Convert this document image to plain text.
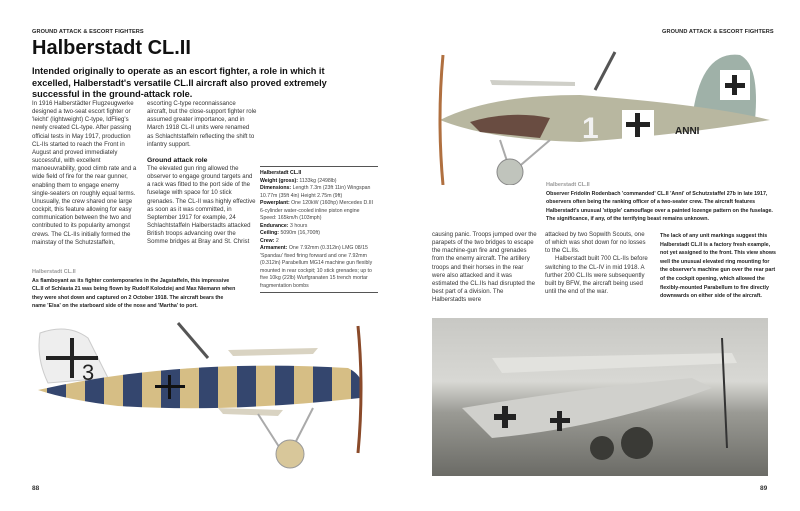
GROUND ATTACK & ESCORT FIGHTERS
Halberstadt CL.II
Intended originally to operate as an escort fighter, a role in which it excelled, Halberstadt's versatile CL.II aircraft also proved extremely successful in the ground-attack role.

In 1916 Halberstädter Flugzeugwerke designed a two-seat escort fighter or 'leicht' (lightweight) C-type, IdFlieg's newly created CL-type. After passing official tests in May 1917, production CL-IIs started to reach the Front in August and proved immediately successful, with excellent manoeuvrability, good climb rate and a wide field of fire for the rear gunner, enabling them to engage enemy single-seaters on roughly equal terms. Unusually, the crew shared one large cockpit, this feature allowing for easy communication between the two and contributed to its popularity amongst crews. The CL-IIs initially formed the mainstay of the Schutzstaffeln,

escorting C-type reconnaissance aircraft, but the close-support fighter role assumed greater importance, and in March 1918 CL-II units were renamed as Schlachtstaffeln reflecting the shift to infantry support.

Ground attack role

The elevated gun ring allowed the observer to engage ground targets and a rack was fitted to the port side of the fuselage with space for 10 stick grenades. The CL-II was highly effective as soon as it was committed, in September 1917 for example, 24 Schlachtstaffeln Halberstadts attacked British troops advancing over the Somme bridges at Bray and St. Christ

Halberstadt CL.II
Weight (gross): 1133kg (2498lb)
Dimensions: Length 7.3m (23ft 11in) Wingspan 10.77m (35ft 4in) Height 2.75m (9ft)
Powerplant: One 120kW (160hp) Mercedes D.III 6-cylinder water-cooled inline piston engine
Speed: 165km/h (103mph)
Endurance: 3 hours
Ceiling: 5090m (16,700ft)
Crew: 2
Armament: One 7.92mm (0.312in) LMG 08/15 'Spandau' fixed firing forward and one 7.92mm (0.312in) Parabellum MG14 machine gun flexibly mounted in rear cockpit; 10 stick grenades; up to five 10kg (22lb) Wurfgranaten 15 trench mortar fragmentation bombs
Halberstadt CL.II
As flamboyant as its fighter contemporaries in the Jagstaffeln, this impressive CL.II of Schlasta 21 was being flown by Rudolf Kolodziej and Max Niemann when they were shot down and captured on 2 October 1918. The aircraft bears the name 'Elsa' on the starboard side of the nose and 'Martha' to port.
3
88
GROUND ATTACK & ESCORT FIGHTERS
1	ANNI
Halberstadt CL.II
Observer Fridolin Rodenbach 'commanded' CL.II 'Anni' of Schutzstaffel 27b in late 1917, observers often being the ranking officer of a two-seater crew. The aircraft features Halberstadt's unusual 'stipple' camouflage over a painted lozenge pattern on the fuselage. The significance, if any, of the terrifying beast remains unknown.

causing panic. Troops jumped over the parapets of the two bridges to escape the machine-gun fire and grenades from the enemy aircraft. The artillery troops and their horses in the rear were also attacked and it was estimated the CL.IIs had disrupted the best part of a division. The Halberstadts were

attacked by two Sopwith Scouts, one of which was shot down for no losses to the CL.IIs.

Halberstadt built 700 CL-IIs before switching to the CL-IV in mid 1918. A further 200 CL.IIs were subsequently built by BFW, the aircraft being used until the end of the war.

The lack of any unit markings suggest this Halberstadt CL.II is a factory fresh example, not yet assigned to the front. This view shows well the unusual elevated ring mounting for the observer's machine gun over the rear part of the cockpit opening, which allowed the flexibly-mounted Parabellum to fire directly downwards on either side of the aircraft.
89
